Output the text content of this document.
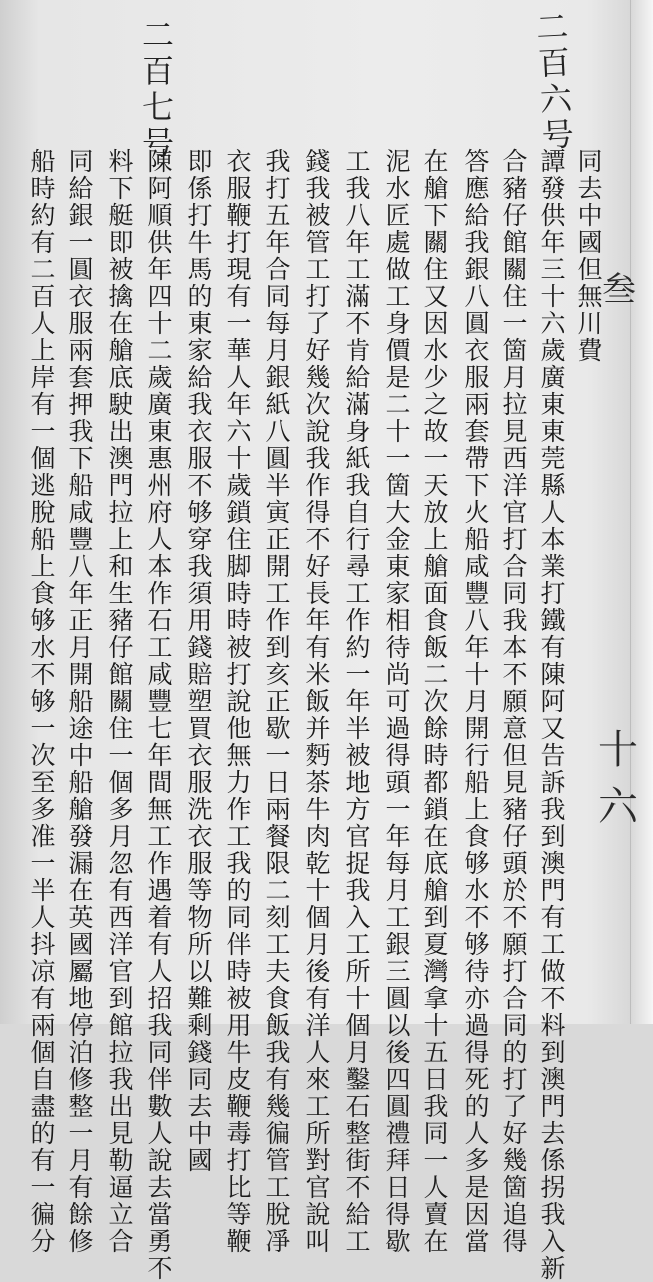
二百七号	二百六号
叁
十六
同去中國但無川費
譚發供年三十六歲廣東東莞縣人本業打鐵有陳阿又告訴我到澳門有工做不料到澳門去係拐我入新
合豬仔館關住一箇月拉見西洋官打合同我本不願意但見豬仔頭於不願打合同的打了好幾箇追得
答應給我銀八圓衣服兩套帶下火船咸豐八年十月開行船上食够水不够待亦過得死的人多是因當
在艙下關住又因水少之故一天放上艙面食飯二次餘時都鎖在底艙到夏灣拿十五日我同一人賣在
泥水匠處做工身價是二十一箇大金東家相待尚可過得頭一年每月工銀三圓以後四圓禮拜日得歇
工我八年工滿不肯給滿身紙我自行尋工作約一年半被地方官捉我入工所十個月鑿石整街不給工
錢我被管工打了好幾次說我作得不好長年有米飯并麪茶牛肉乾十個月後有洋人來工所對官說叫
我打五年合同每月銀紙八圓半寅正開工作到亥正歇一日兩餐限二刻工夫食飯我有幾徧管工脫凈
衣服鞭打現有一華人年六十歲鎖住脚時時被打說他無力作工我的同伴時被用牛皮鞭毒打比等鞭
即係打牛馬的東家給我衣服不够穿我須用錢賠塑買衣服洗衣服等物所以難剩錢同去中國
陳阿順供年四十二歲廣東惠州府人本作石工咸豐七年間無工作遇着有人招我同伴數人說去當勇不
料下艇即被擒在艙底駛出澳門拉上和生豬仔館關住一個多月忽有西洋官到館拉我出見勒逼立合
同給銀一圓衣服兩套押我下船咸豐八年正月開船途中船艙發漏在英國屬地停泊修整一月有餘修
船時約有二百人上岸有一個逃脫船上食够水不够一次至多准一半人抖凉有兩個自盡的有一徧分
